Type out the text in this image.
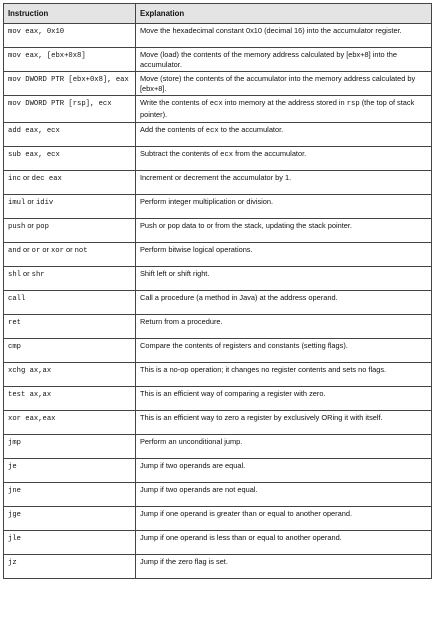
Instruction	Explanation
mov eax, 0x10	Move the hexadecimal constant 0x10 (decimal 16) into the accumulator register.
mov eax, [ebx+0x8]	Move (load) the contents of the memory address calculated by [ebx+8] into the accumulator.
mov DWORD PTR [ebx+0x8], eax	Move (store) the contents of the accumulator into the memory address calculated by [ebx+8].
mov DWORD PTR [rsp], ecx	Write the contents of ecx into memory at the address stored in rsp (the top of stack pointer).
add eax, ecx	Add the contents of ecx to the accumulator.
sub eax, ecx	Subtract the contents of ecx from the accumulator.
inc or dec eax	Increment or decrement the accumulator by 1.
imul or idiv	Perform integer multiplication or division.
push or pop	Push or pop data to or from the stack, updating the stack pointer.
and or or or xor or not	Perform bitwise logical operations.
shl or shr	Shift left or shift right.
call	Call a procedure (a method in Java) at the address operand.
ret	Return from a procedure.
cmp	Compare the contents of registers and constants (setting flags).
xchg ax,ax	This is a no-op operation; it changes no register contents and sets no flags.
test ax,ax	This is an efficient way of comparing a register with zero.
xor eax,eax	This is an efficient way to zero a register by exclusively ORing it with itself.
jmp	Perform an unconditional jump.
je	Jump if two operands are equal.
jne	Jump if two operands are not equal.
jge	Jump if one operand is greater than or equal to another operand.
jle	Jump if one operand is less than or equal to another operand.
jz	Jump if the zero flag is set.
